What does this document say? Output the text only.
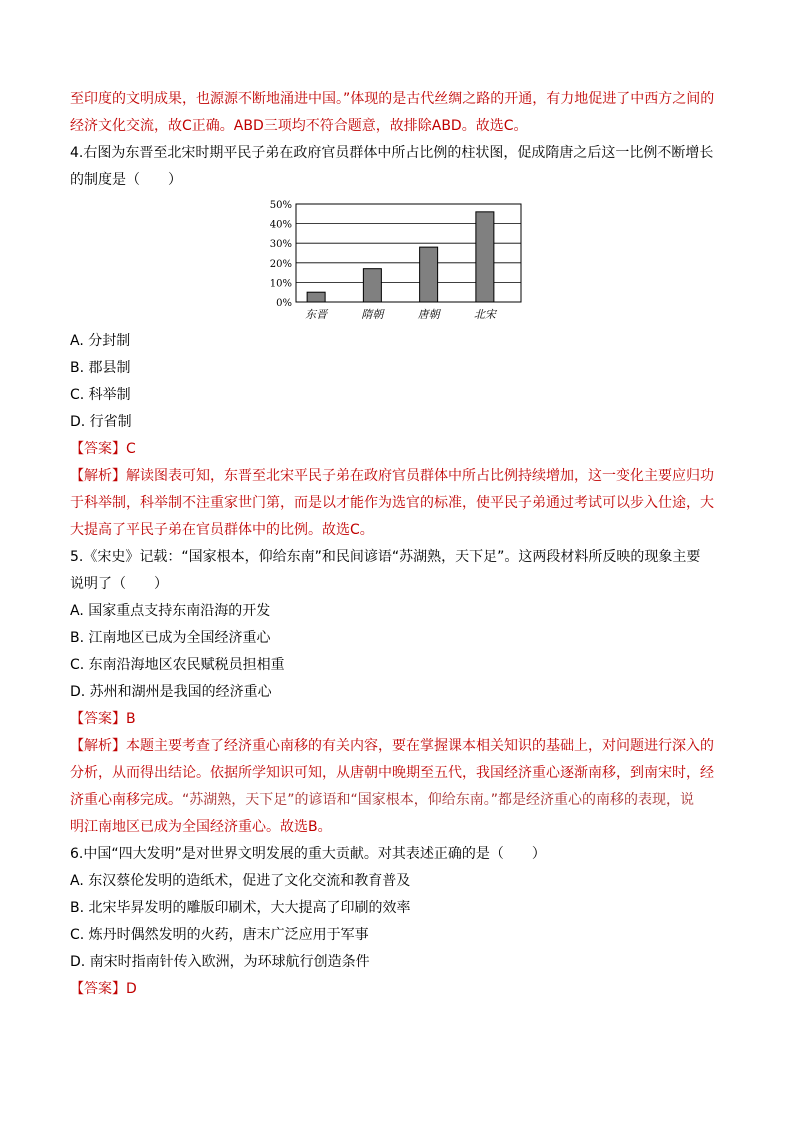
至印度的文明成果，也源源不断地涌进中国。”体现的是古代丝绸之路的开通，有力地促进了中西方之间的
经济文化交流，故C正确。ABD三项均不符合题意，故排除ABD。故选C。
4.右图为东晋至北宋时期平民子弟在政府官员群体中所占比例的柱状图，促成隋唐之后这一比例不断增长
的制度是（　　）
0%
10%
20%
30%
40%
50%
东晋	隋朝	唐朝	北宋
A. 分封制
B. 郡县制
C. 科举制
D. 行省制
【答案】C
【解析】解读图表可知，东晋至北宋平民子弟在政府官员群体中所占比例持续增加，这一变化主要应归功
于科举制，科举制不注重家世门第，而是以才能作为选官的标准，使平民子弟通过考试可以步入仕途，大
大提高了平民子弟在官员群体中的比例。故选C。
5.《宋史》记载：“国家根本，仰给东南”和民间谚语“苏湖熟，天下足”。这两段材料所反映的现象主要
说明了（　　）
A. 国家重点支持东南沿海的开发
B. 江南地区已成为全国经济重心
C. 东南沿海地区农民赋税员担相重
D. 苏州和湖州是我国的经济重心
【答案】B
【解析】本题主要考查了经济重心南移的有关内容，要在掌握课本相关知识的基础上，对问题进行深入的
分析，从而得出结论。依据所学知识可知，从唐朝中晚期至五代，我国经济重心逐渐南移，到南宋时，经
济重心南移完成。“苏湖熟，天下足”的谚语和“国家根本，仰给东南。”都是经济重心的南移的表现，说
明江南地区已成为全国经济重心。故选B。
6.中国“四大发明”是对世界文明发展的重大贡献。对其表述正确的是（　　）
A. 东汉蔡伦发明的造纸术，促进了文化交流和教育普及
B. 北宋毕昇发明的雕版印刷术，大大提高了印刷的效率
C. 炼丹时偶然发明的火药，唐末广泛应用于军事
D. 南宋时指南针传入欧洲，为环球航行创造条件
【答案】D
